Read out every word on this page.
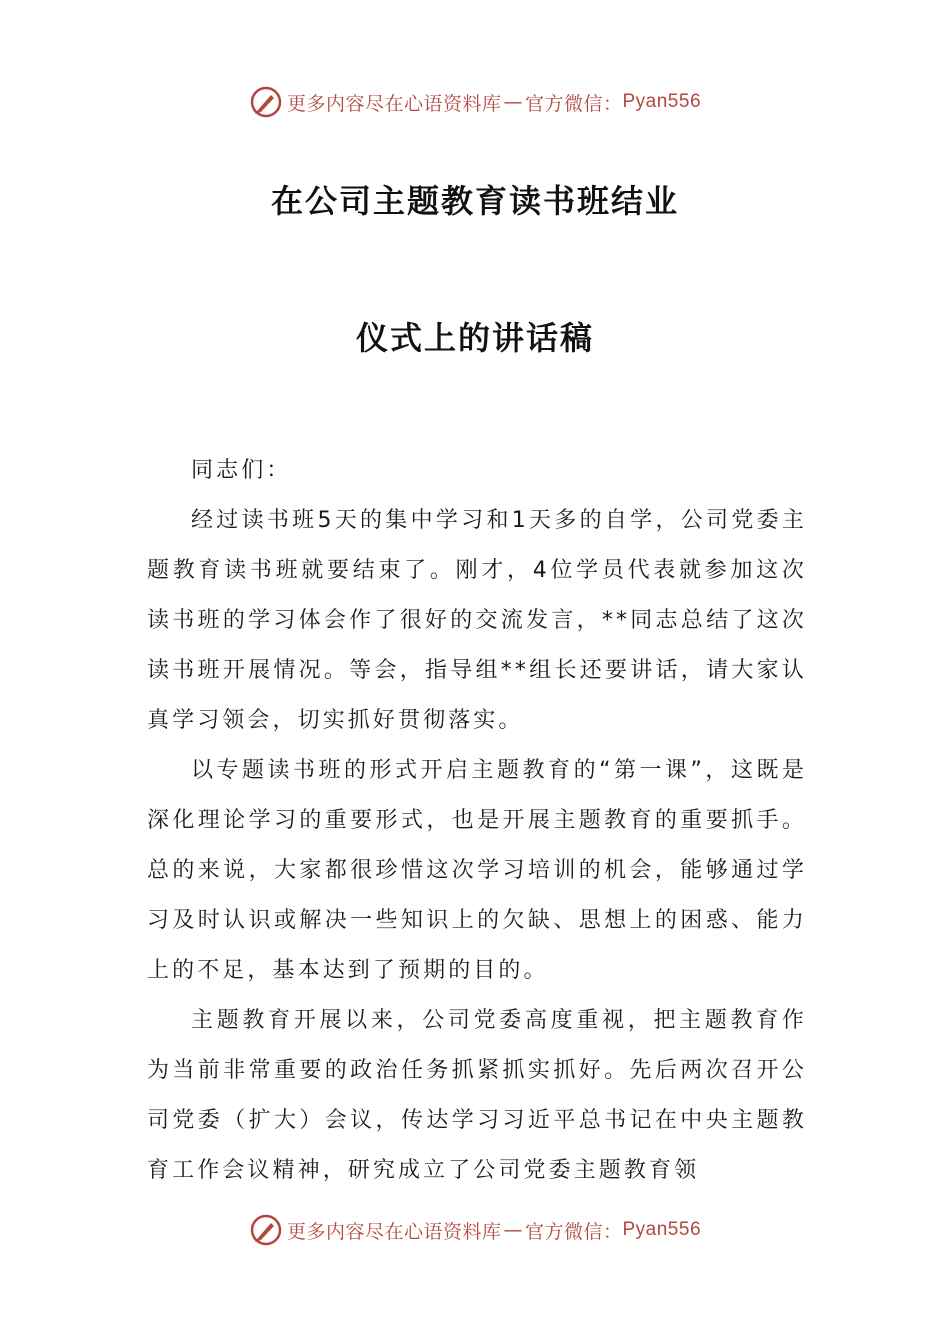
更多内容尽在心语资料库 — 官方微信： Pyan556
在公司主题教育读书班结业
仪式上的讲话稿

同志们：

经过读书班5天的集中学习和1天多的自学，公司党委主题教育读书班就要结束了。刚才，4位学员代表就参加这次读书班的学习体会作了很好的交流发言，**同志总结了这次读书班开展情况。等会，指导组**组长还要讲话，请大家认真学习领会，切实抓好贯彻落实。

以专题读书班的形式开启主题教育的“第一课”，这既是深化理论学习的重要形式，也是开展主题教育的重要抓手。总的来说，大家都很珍惜这次学习培训的机会，能够通过学习及时认识或解决一些知识上的欠缺、思想上的困惑、能力上的不足，基本达到了预期的目的。

主题教育开展以来，公司党委高度重视，把主题教育作为当前非常重要的政治任务抓紧抓实抓好。先后两次召开公司党委（扩大）会议，传达学习习近平总书记在中央主题教育工作会议精神，研究成立了公司党委主题教育领

更多内容尽在心语资料库 — 官方微信： Pyan556
